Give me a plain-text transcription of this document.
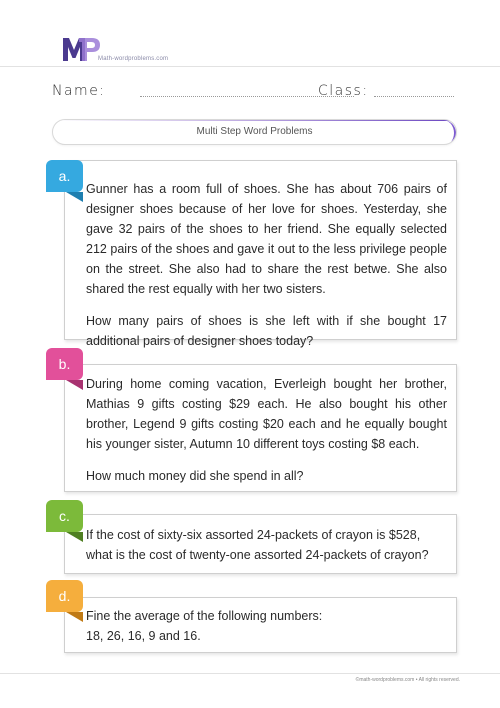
Math-wordproblems.com
Name:	Class:
Multi Step Word Problems

Gunner has a room full of shoes. She has about 706 pairs of designer shoes because of her love for shoes. Yesterday, she gave 32 pairs of the shoes to her friend. She equally selected 212 pairs of the shoes and gave it out to the less privilege people on the street. She also had to share the rest betwe. She also shared the rest equally with her two sisters.

How many pairs of shoes is she left with if she bought 17 additional pairs of designer shoes today?

a.

During home coming vacation, Everleigh bought her brother, Mathias 9 gifts costing $29 each. He also bought his other brother, Legend 9 gifts costing $20 each and he equally bought his younger sister, Autumn 10 different toys costing $8 each.

How much money did she spend in all?

b.

If the cost of sixty-six assorted 24-packets of crayon is $528, what is the cost of twenty-one assorted 24-packets of crayon?

c.

Fine the average of the following numbers:
18, 26, 16, 9 and 16.

d.
©math-wordproblems.com • All rights reserved.
